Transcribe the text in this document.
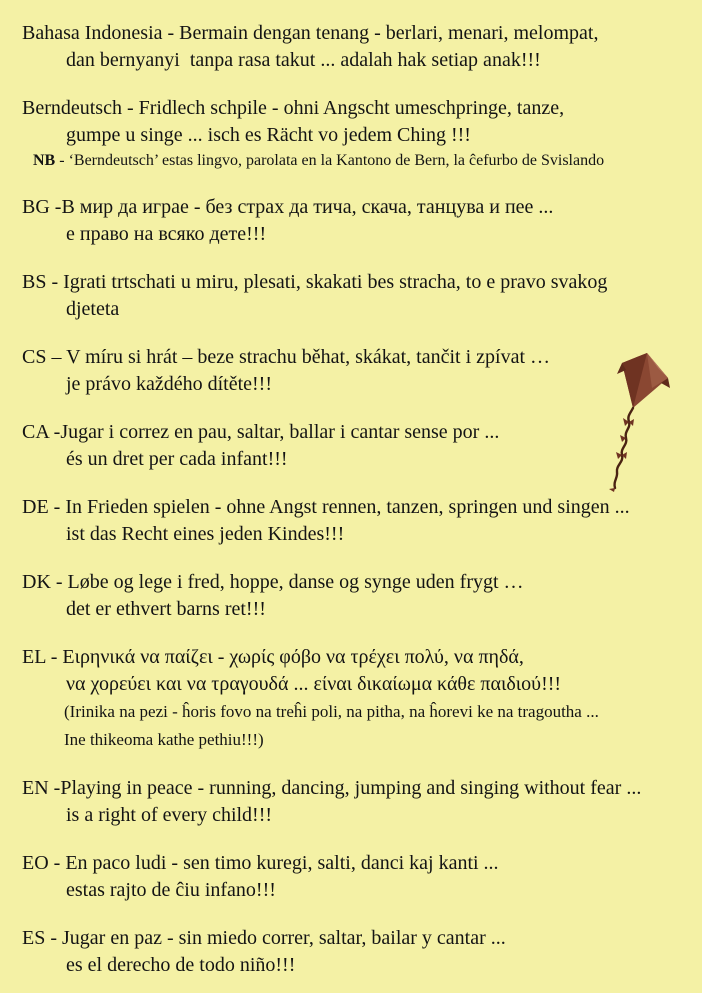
Bahasa Indonesia - Bermain dengan tenang - berlari, menari, melompat,
dan bernyanyi  tanpa rasa takut ... adalah hak setiap anak!!!
Berndeutsch - Fridlech schpile - ohni Angscht umeschpringe, tanze,
gumpe u singe ... isch es Rächt vo jedem Ching !!!
NB - ‘Berndeutsch’ estas lingvo, parolata en la Kantono de Bern, la ĉefurbo de Svislando
BG -В мир да играе - без страх да тича, скача, танцува и пее ...
е право на всяко дете!!!
BS - Igrati trtschati u miru, plesati, skakati bes stracha, to e pravo svakog
djeteta
CS – V míru si hrát – beze strachu běhat, skákat, tančit i zpívat …
je právo každého dítěte!!!
CA -Jugar i correz en pau, saltar, ballar i cantar sense por ...
és un dret per cada infant!!!
DE - In Frieden spielen - ohne Angst rennen, tanzen, springen und singen ...
ist das Recht eines jeden Kindes!!!
DK - Løbe og lege i fred, hoppe, danse og synge uden frygt …
det er ethvert barns ret!!!
EL - Ειρηνικά να παίζει - χωρίς φόβο να τρέχει πολύ, να πηδά,
να χορεύει και να τραγουδά ... είναι δικαίωμα κάθε παιδιού!!!
(Irinika na pezi - ĥoris fovo na treĥi poli, na pitha, na ĥorevi ke na tragoutha ...
Ine thikeoma kathe pethiu!!!)
EN -Playing in peace - running, dancing, jumping and singing without fear ...
is a right of every child!!!
EO - En paco ludi - sen timo kuregi, salti, danci kaj kanti ...
estas rajto de ĉiu infano!!!
ES - Jugar en paz - sin miedo correr, saltar, bailar y cantar ...
es el derecho de todo niño!!!
